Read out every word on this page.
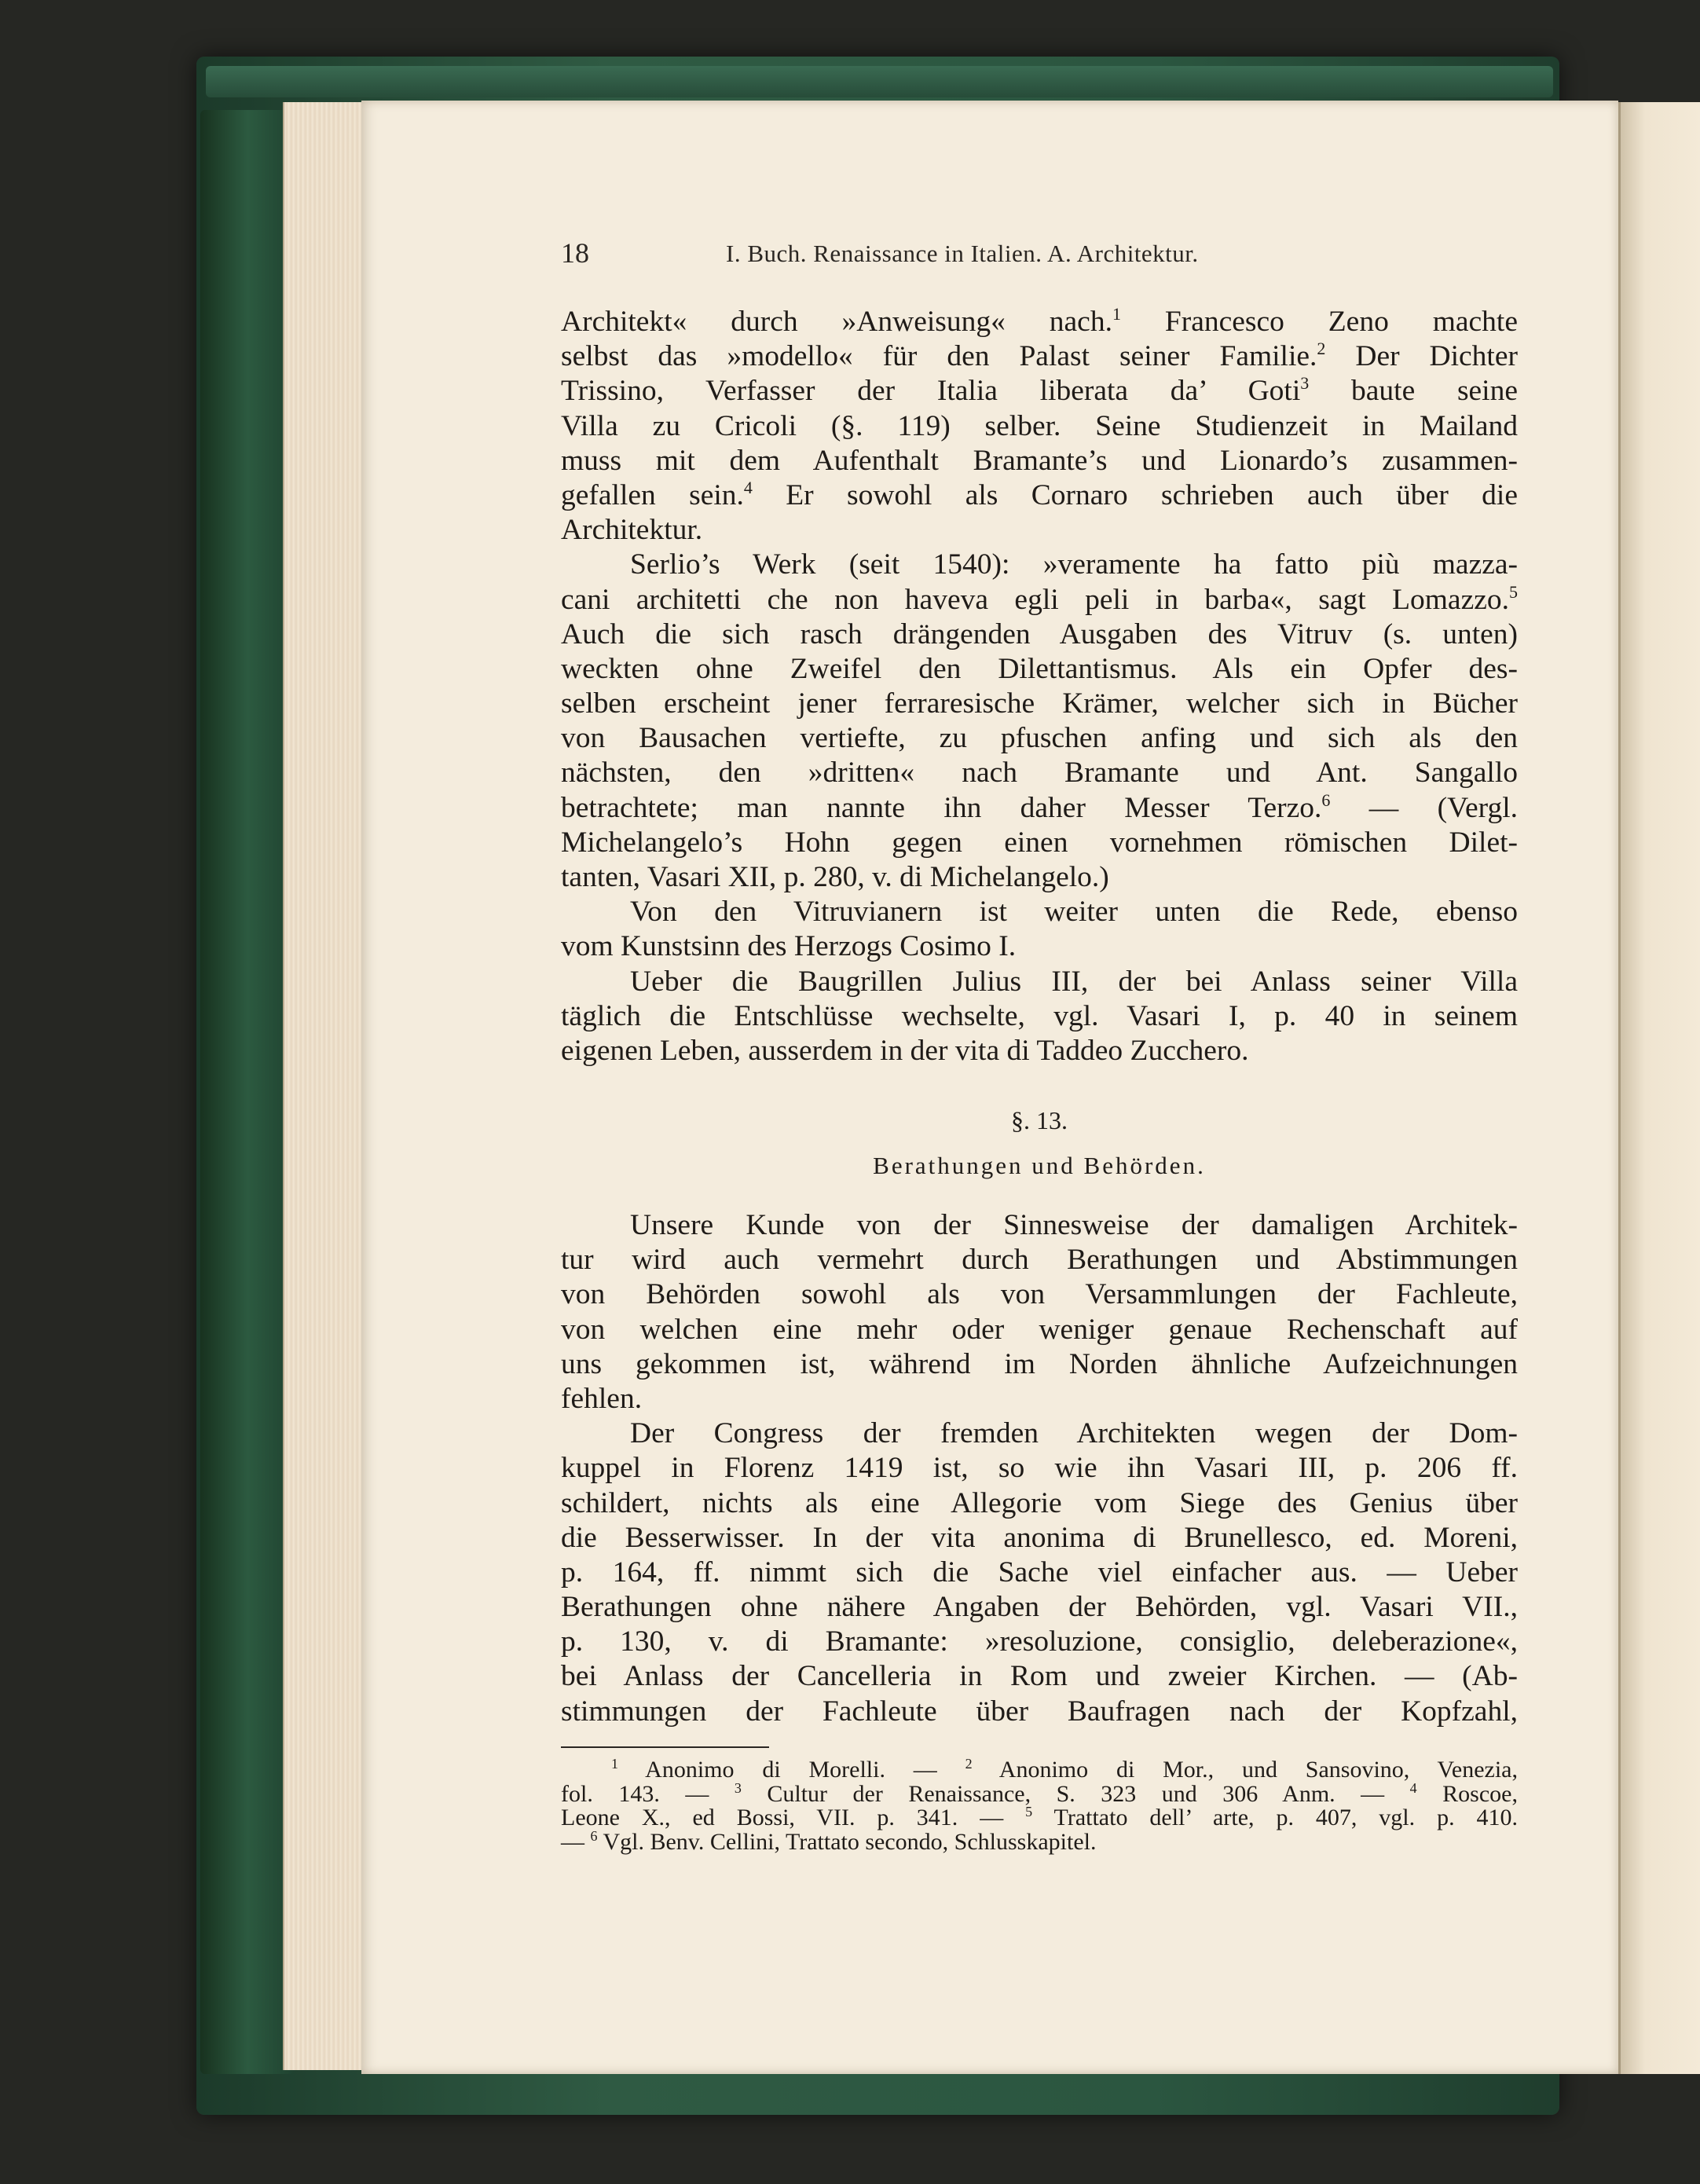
18	I. Buch. Renaissance in Italien. A. Architektur.
Architekt« durch »Anweisung« nach.$^1$ Francesco Zeno machte
selbst das »modello« für den Palast seiner Familie.$^2$ Der Dichter
Trissino, Verfasser der Italia liberata da’ Goti$^3$ baute seine
Villa zu Cricoli (§. 119) selber. Seine Studienzeit in Mailand
muss mit dem Aufenthalt Bramante’s und Lionardo’s zusammen-
gefallen sein.$^4$ Er sowohl als Cornaro schrieben auch über die
Architektur.
Serlio’s Werk (seit 1540): »veramente ha fatto più mazza-
cani architetti che non haveva egli peli in barba«, sagt Lomazzo.$^5$
Auch die sich rasch drängenden Ausgaben des Vitruv (s. unten)
weckten ohne Zweifel den Dilettantismus. Als ein Opfer des-
selben erscheint jener ferraresische Krämer, welcher sich in Bücher
von Bausachen vertiefte, zu pfuschen anfing und sich als den
nächsten, den »dritten« nach Bramante und Ant. Sangallo
betrachtete; man nannte ihn daher Messer Terzo.$^6$ — (Vergl.
Michelangelo’s Hohn gegen einen vornehmen römischen Dilet-
tanten, Vasari XII, p. 280, v. di Michelangelo.)
Von den Vitruvianern ist weiter unten die Rede, ebenso
vom Kunstsinn des Herzogs Cosimo I.
Ueber die Baugrillen Julius III, der bei Anlass seiner Villa
täglich die Entschlüsse wechselte, vgl. Vasari I, p. 40 in seinem
eigenen Leben, ausserdem in der vita di Taddeo Zucchero.
§. 13.
Berathungen und Behörden.
Unsere Kunde von der Sinnesweise der damaligen Architek-
tur wird auch vermehrt durch Berathungen und Abstimmungen
von Behörden sowohl als von Versammlungen der Fachleute,
von welchen eine mehr oder weniger genaue Rechenschaft auf
uns gekommen ist, während im Norden ähnliche Aufzeichnungen
fehlen.
Der Congress der fremden Architekten wegen der Dom-
kuppel in Florenz 1419 ist, so wie ihn Vasari III, p. 206 ff.
schildert, nichts als eine Allegorie vom Siege des Genius über
die Besserwisser. In der vita anonima di Brunellesco, ed. Moreni,
p. 164, ff. nimmt sich die Sache viel einfacher aus. — Ueber
Berathungen ohne nähere Angaben der Behörden, vgl. Vasari VII.,
p. 130, v. di Bramante: »resoluzione, consiglio, deleberazione«,
bei Anlass der Cancelleria in Rom und zweier Kirchen. — (Ab-
stimmungen der Fachleute über Baufragen nach der Kopfzahl,
$^1$ Anonimo di Morelli. — $^2$ Anonimo di Mor., und Sansovino, Venezia,
fol. 143. — $^3$ Cultur der Renaissance, S. 323 und 306 Anm. — $^4$ Roscoe,
Leone X., ed Bossi, VII. p. 341. — $^5$ Trattato dell’ arte, p. 407, vgl. p. 410.
— $^6$ Vgl. Benv. Cellini, Trattato secondo, Schlusskapitel.
